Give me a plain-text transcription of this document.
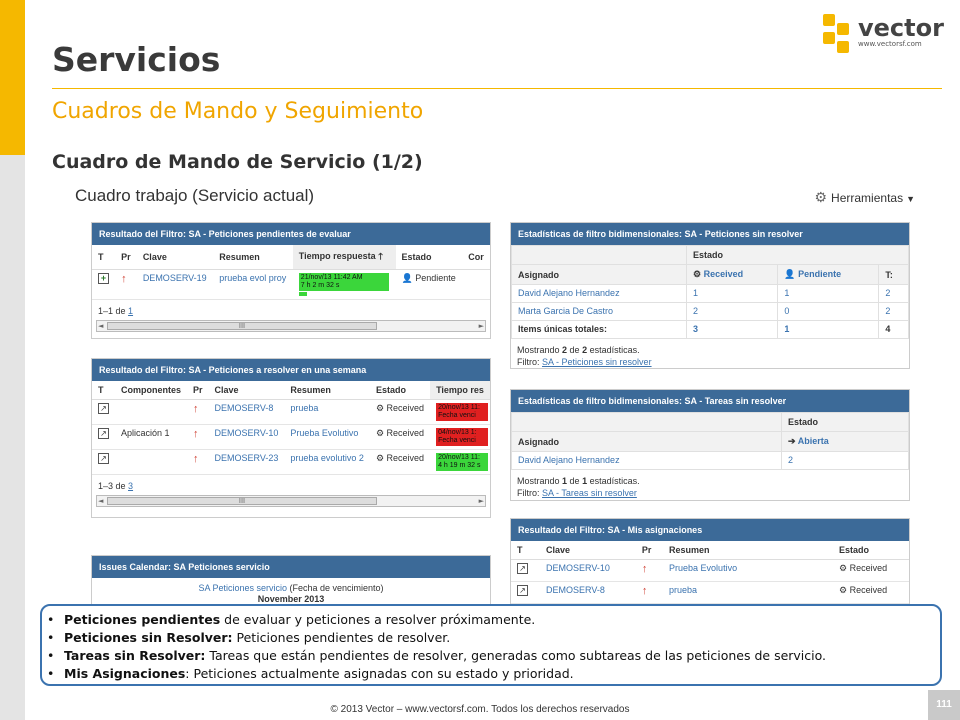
Servicios
vector
www.vectorsf.com
Cuadros de Mando y Seguimiento
Cuadro de Mando de Servicio (1/2)
Cuadro trabajo (Servicio actual)	⚙ Herramientas ▼
Resultado del Filtro: SA - Peticiones pendientes de evaluar
T	Pr	Clave	Resumen	Tiempo respuesta 🡑	Estado	Cor
+	↑	DEMOSERV-19	prueba evol proy	21/nov/13 11:42 AM
7 h 2 m 32 s	👤 Pendiente	
1–1 de 1
◄	III	►
Resultado del Filtro: SA - Peticiones a resolver en una semana
T	Componentes	Pr	Clave	Resumen	Estado	Tiempo res
↗		↑	DEMOSERV-8	prueba	⚙ Received	20/nov/13 11:
Fecha venci
↗	Aplicación 1	↑	DEMOSERV-10	Prueba Evolutivo	⚙ Received	04/nov/13 1:
Fecha venci
↗		↑	DEMOSERV-23	prueba evolutivo 2	⚙ Received	20/nov/13 11:
4 h 19 m 32 s
1–3 de 3
◄	III	►
Issues Calendar: SA Peticiones servicio
SA Peticiones servicio (Fecha de vencimiento)
November 2013
Estadísticas de filtro bidimensionales: SA - Peticiones sin resolver
	Estado		
Asignado	⚙ Received	👤 Pendiente	T:
David Alejano Hernandez	1	1	2
Marta Garcia De Castro	2	0	2
Items únicas totales:	3	1	4
Mostrando 2 de 2 estadísticas.
Filtro: SA - Peticiones sin resolver
Estadísticas de filtro bidimensionales: SA - Tareas sin resolver
	Estado
Asignado	➔ Abierta
David Alejano Hernandez	2
Mostrando 1 de 1 estadísticas.
Filtro: SA - Tareas sin resolver
Resultado del Filtro: SA - Mis asignaciones
T	Clave	Pr	Resumen	Estado
↗	DEMOSERV-10	↑	Prueba Evolutivo	⚙ Received
↗	DEMOSERV-8	↑	prueba	⚙ Received
• Peticiones pendientes de evaluar y peticiones a resolver próximamente.
• Peticiones sin Resolver: Peticiones pendientes de resolver.
• Tareas sin Resolver: Tareas que están pendientes de resolver, generadas como subtareas de las peticiones de servicio.
• Mis Asignaciones: Peticiones actualmente asignadas con su estado y prioridad.
© 2013 Vector – www.vectorsf.com. Todos los derechos reservados	111
